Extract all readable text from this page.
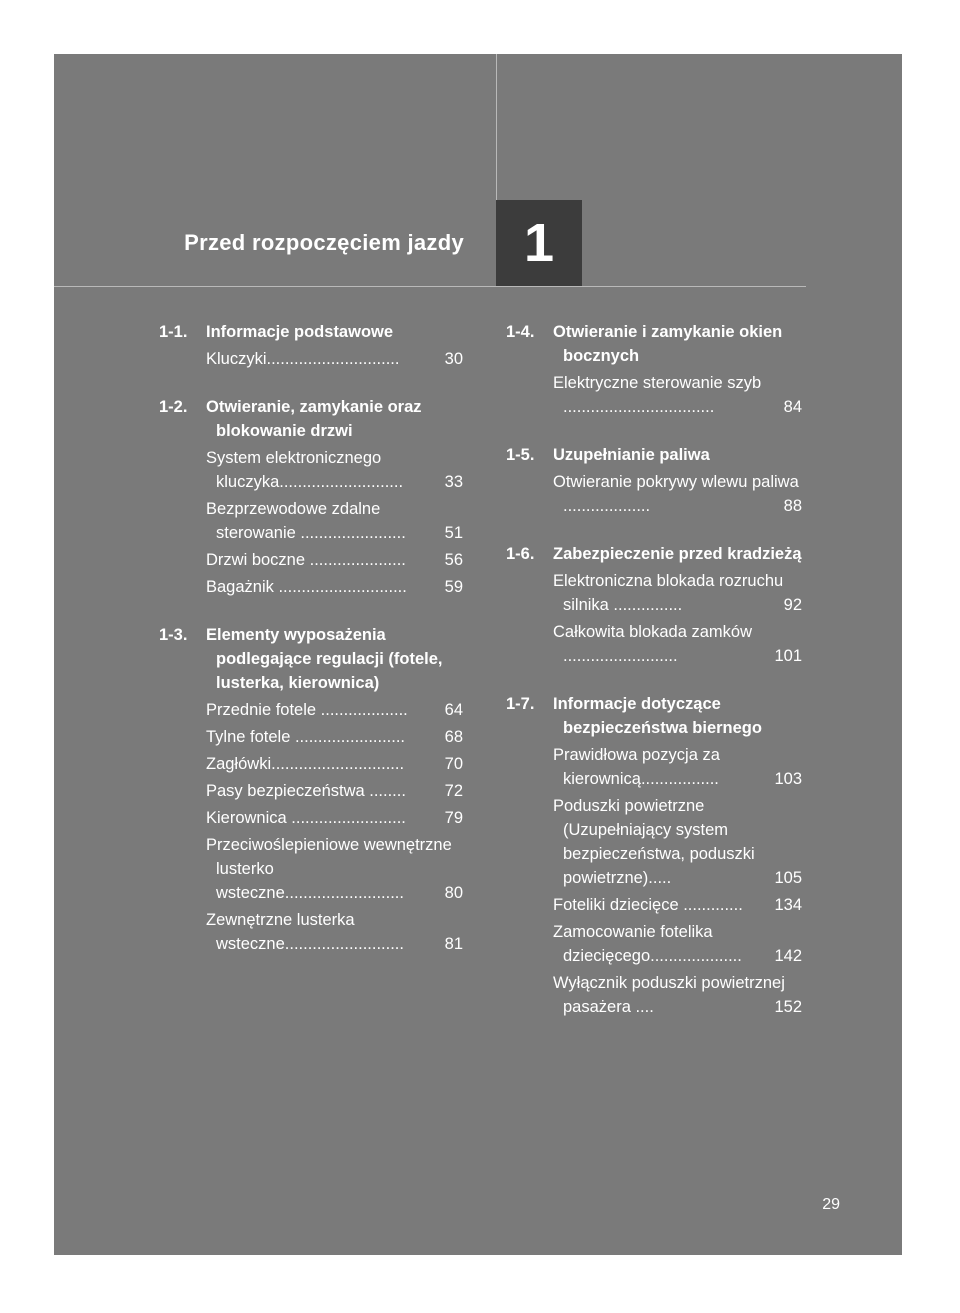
Przed rozpoczęciem jazdy	1
1-1. Informacje podstawowe
Kluczyki.............................	30
1-2. Otwieranie, zamykanie oraz blokowanie drzwi
System elektronicznego kluczyka...........................	33
Bezprzewodowe zdalne sterowanie .......................	51
Drzwi boczne .....................	56
Bagażnik ............................	59
1-3. Elementy wyposażenia podlegające regulacji (fotele, lusterka, kierownica)
Przednie fotele ...................	64
Tylne fotele ........................	68
Zagłówki.............................	70
Pasy bezpieczeństwa ........	72
Kierownica .........................	79
Przeciwoślepieniowe wewnętrzne lusterko wsteczne..........................	80
Zewnętrzne lusterka wsteczne..........................	81
1-4. Otwieranie i zamykanie okien bocznych
Elektryczne sterowanie szyb .................................	84
1-5. Uzupełnianie paliwa
Otwieranie pokrywy wlewu paliwa ...................	88
1-6. Zabezpieczenie przed kradzieżą
Elektroniczna blokada rozruchu silnika ...............	92
Całkowita blokada zamków .........................	101
1-7. Informacje dotyczące bezpieczeństwa biernego
Prawidłowa pozycja za kierownicą.................	103
Poduszki powietrzne (Uzupełniający system bezpieczeństwa, poduszki powietrzne).....	105
Foteliki dziecięce .............	134
Zamocowanie fotelika dziecięcego....................	142
Wyłącznik poduszki powietrznej pasażera ....	152
29
